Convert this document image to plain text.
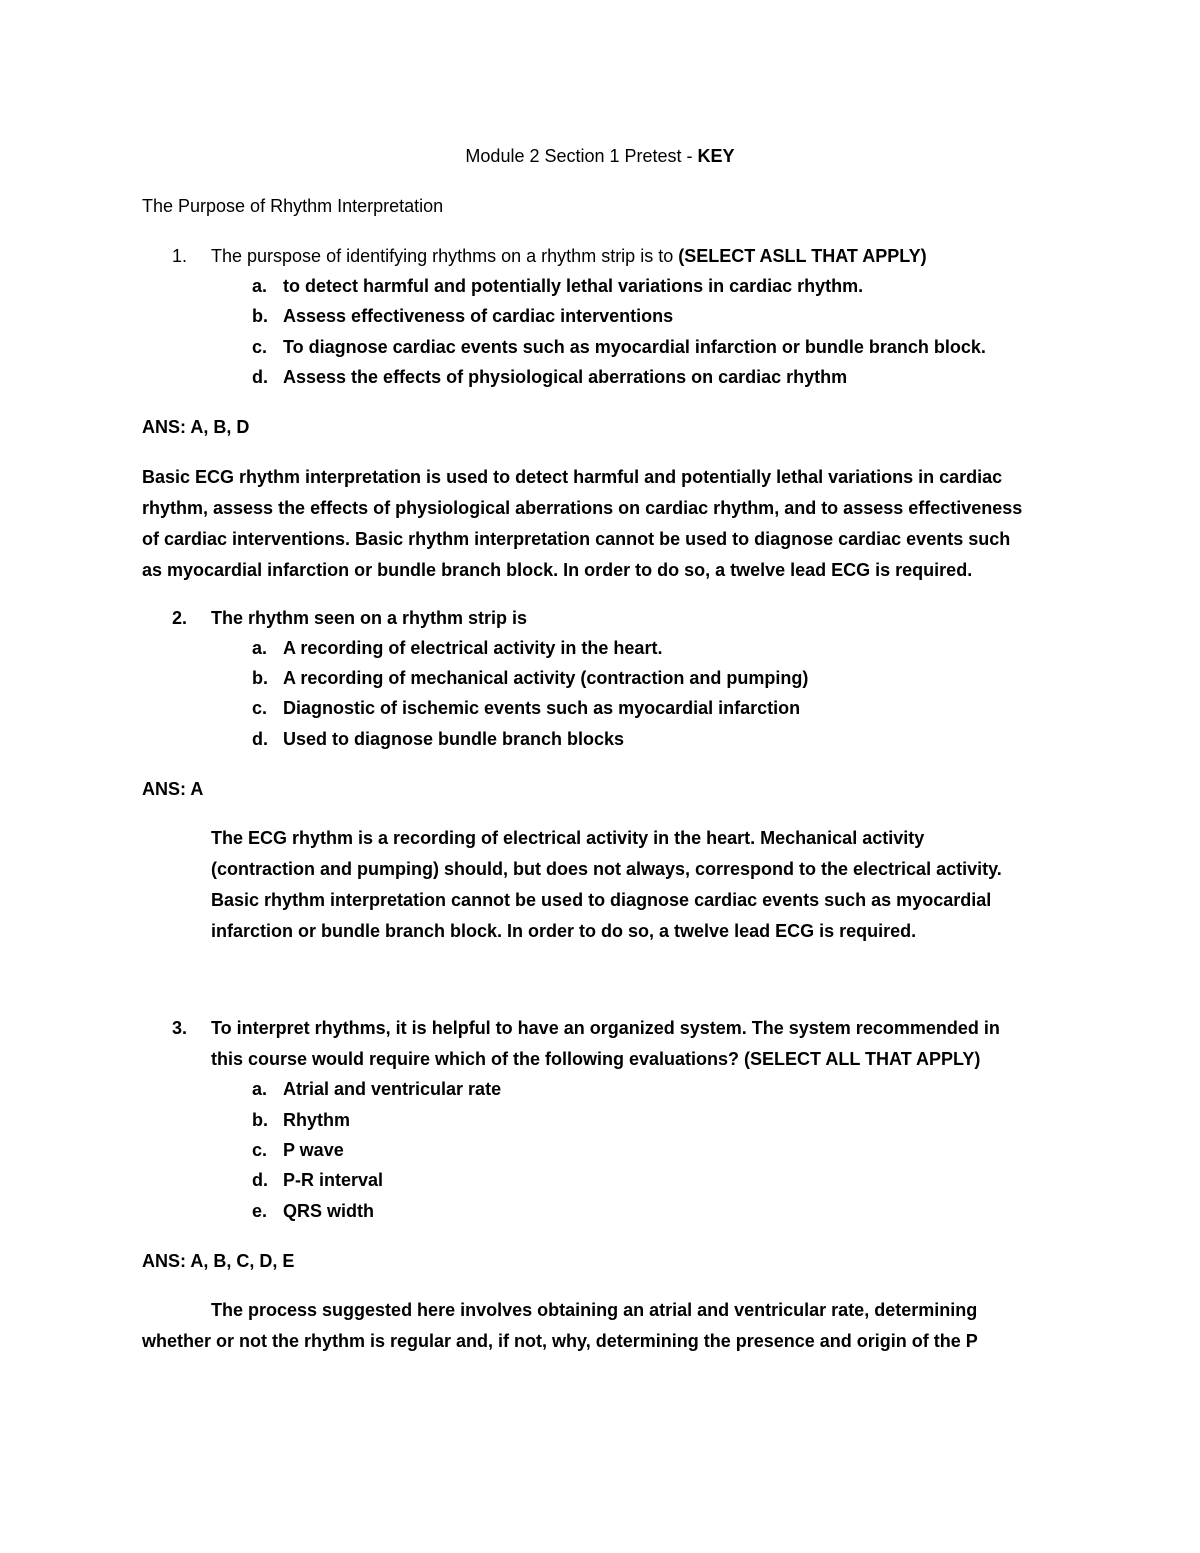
Module 2 Section 1 Pretest - KEY
The Purpose of Rhythm Interpretation
1. The purspose of identifying rhythms on a rhythm strip is to (SELECT ASLL THAT APPLY)
a. to detect harmful and potentially lethal variations in cardiac rhythm.
b. Assess effectiveness of cardiac interventions
c. To diagnose cardiac events such as myocardial infarction or bundle branch block.
d. Assess the effects of physiological aberrations on cardiac rhythm
ANS: A, B, D
Basic ECG rhythm interpretation is used to detect harmful and potentially lethal variations in cardiac
rhythm, assess the effects of physiological aberrations on cardiac rhythm, and to assess effectiveness
of cardiac interventions. Basic rhythm interpretation cannot be used to diagnose cardiac events such
as myocardial infarction or bundle branch block. In order to do so, a twelve lead ECG is required.
2. The rhythm seen on a rhythm strip is
a. A recording of electrical activity in the heart.
b. A recording of mechanical activity (contraction and pumping)
c. Diagnostic of ischemic events such as myocardial infarction
d. Used to diagnose bundle branch blocks
ANS: A
The ECG rhythm is a recording of electrical activity in the heart. Mechanical activity
(contraction and pumping) should, but does not always, correspond to the electrical activity.
Basic rhythm interpretation cannot be used to diagnose cardiac events such as myocardial
infarction or bundle branch block. In order to do so, a twelve lead ECG is required.
3. To interpret rhythms, it is helpful to have an organized system. The system recommended in
this course would require which of the following evaluations? (SELECT ALL THAT APPLY)
a. Atrial and ventricular rate
b. Rhythm
c. P wave
d. P-R interval
e. QRS width
ANS: A, B, C, D, E
The process suggested here involves obtaining an atrial and ventricular rate, determining
whether or not the rhythm is regular and, if not, why, determining the presence and origin of the P
